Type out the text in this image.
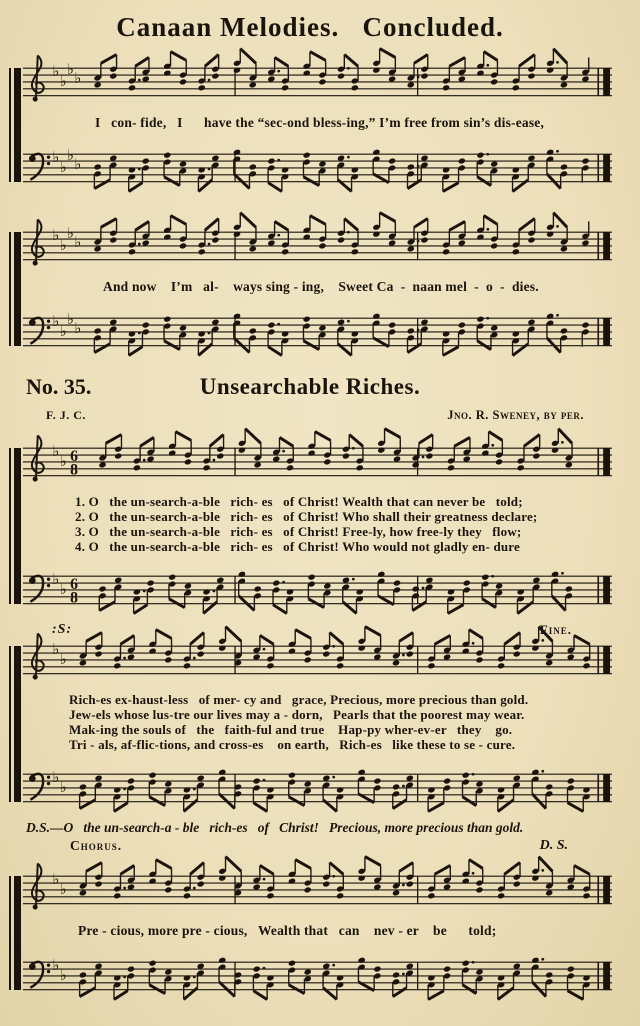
Canaan Melodies.   Concluded.
♭
♭
♭
♭
I   con- fide,   I      have the “sec-ond bless-ing,” I’m free from sin’s dis-ease,
♭
♭
♭
♭
♭
♭
♭
♭
And now    I’m   al-    ways sing - ing,    Sweet Ca  -  naan mel  -  o  -  dies.
♭
♭
♭
♭
No. 35.	Unsearchable Riches.
F. J. C.	Jno. R. Sweney, by per.
♭
♭ 6
8
1. O   the un-search-a-ble   rich- es   of Christ! Wealth that can never be   told;
2. O   the un-search-a-ble   rich- es   of Christ! Who shall their greatness declare;
3. O   the un-search-a-ble   rich- es   of Christ! Free-ly, how free-ly they   flow;
4. O   the un-search-a-ble   rich- es   of Christ! Who would not gladly en- dure
♭
♭ 6
8
:S:	Fine.
♭
♭
Rich-es ex-haust-less   of mer- cy and   grace, Precious, more precious than gold.
Jew-els whose lus-tre our lives may a - dorn,   Pearls that the poorest may wear.
Mak-ing the souls of   the   faith-ful and true    Hap-py wher-ev-er   they    go.
Tri - als, af-flic-tions, and cross-es    on earth,   Rich-es   like these to se - cure.
♭
♭
D.S.—O   the un-search-a - ble   rich-es   of   Christ!   Precious, more precious than gold.
Chorus.	D. S.
♭
♭
Pre - cious, more pre - cious,   Wealth that   can    nev - er    be      told;
♭
♭
